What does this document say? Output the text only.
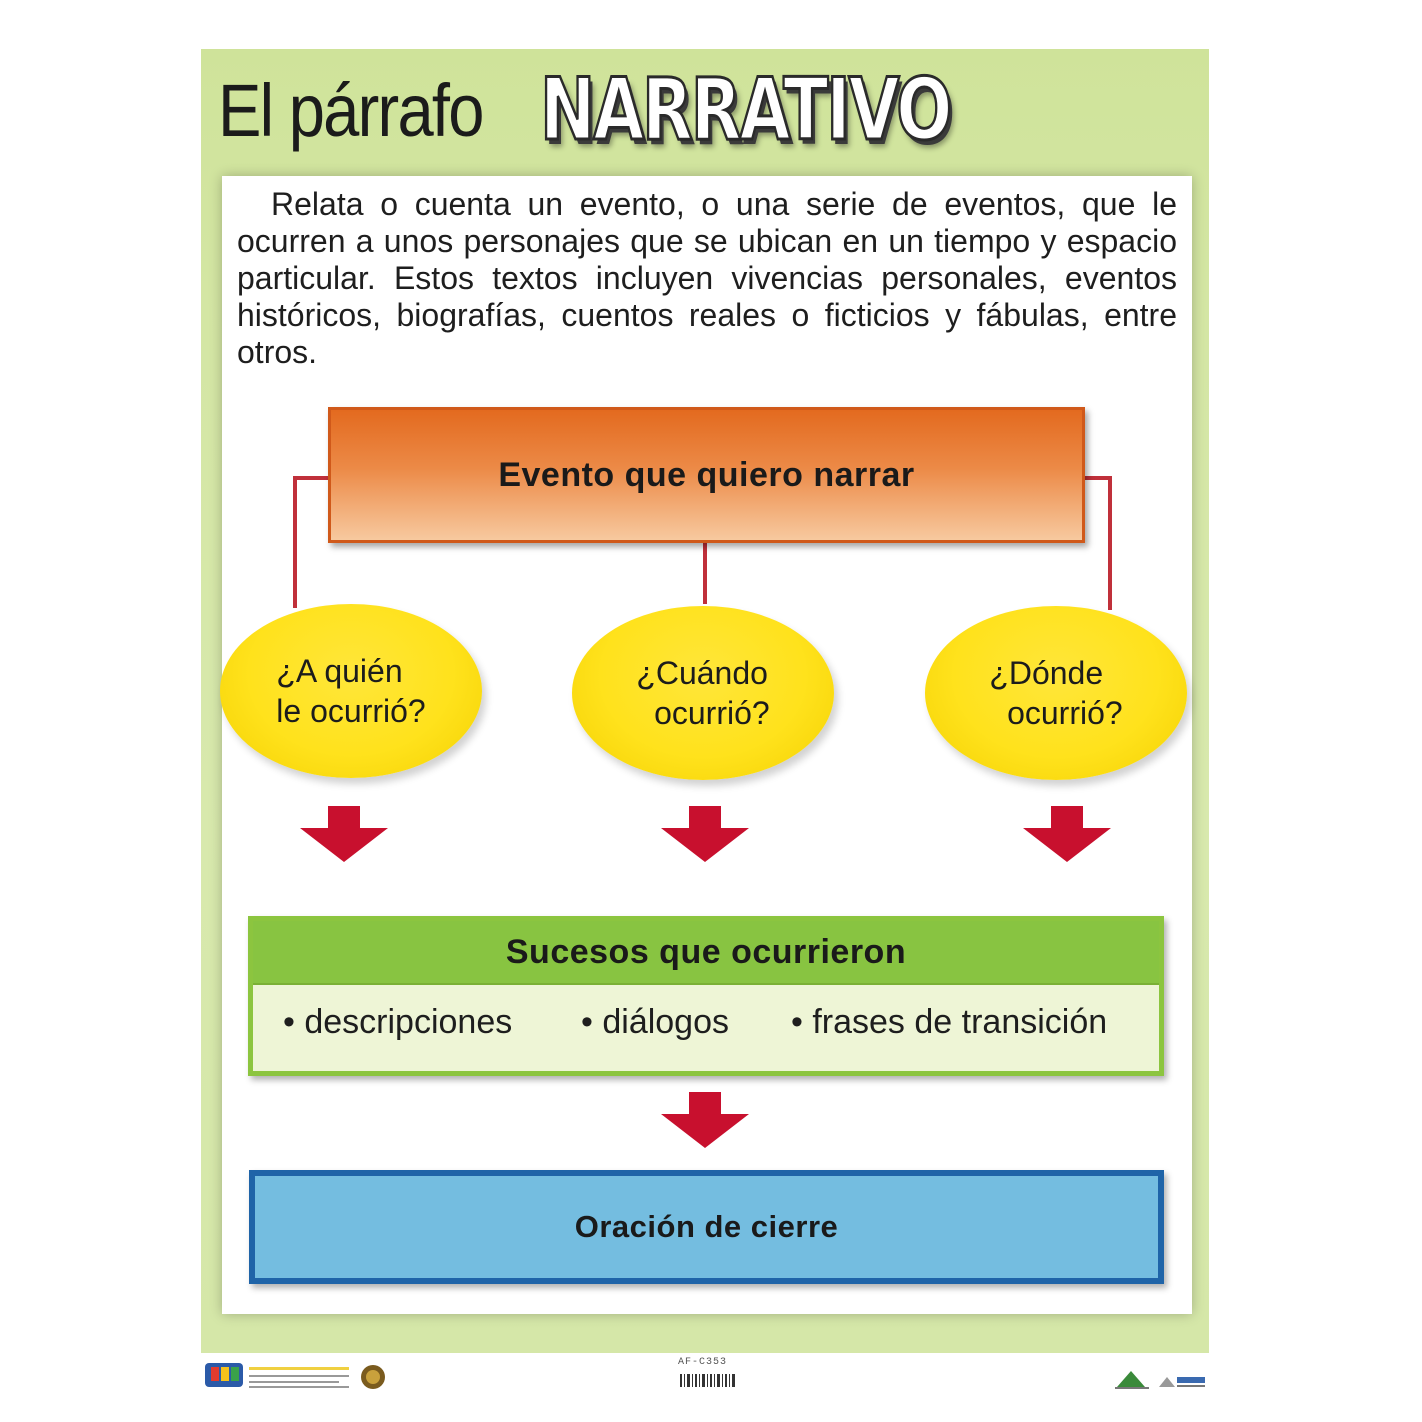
El párrafo NARRATIVO
Relata o cuenta un evento, o una serie de eventos, que le ocurren a unos personajes que se ubican en un tiempo y espacio particular. Estos textos incluyen vivencias personales, eventos históricos, biografías, cuentos reales o ficticios y fábulas, entre otros.
Evento que quiero narrar
¿A quién
le ocurrió?
¿Cuándo
ocurrió?
¿Dónde
ocurrió?
Sucesos que ocurrieron
• descripciones • diálogos • frases de transición
Oración de cierre
AF-C353
